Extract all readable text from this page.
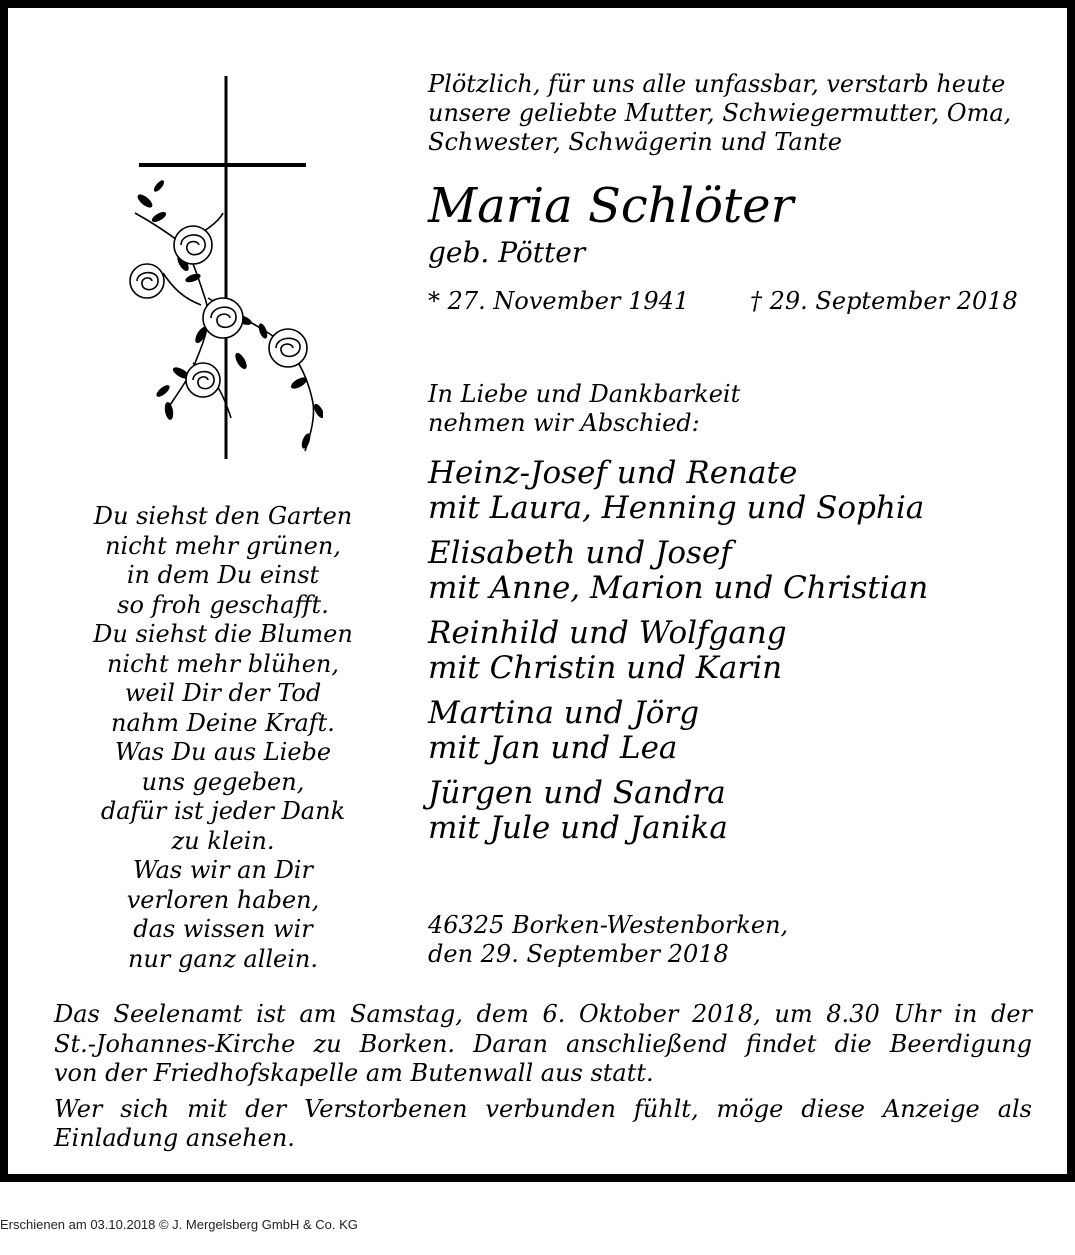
Plötzlich, für uns alle unfassbar, verstarb heute
unsere geliebte Mutter, Schwiegermutter, Oma,
Schwester, Schwägerin und Tante
Maria Schlöter
geb. Pötter
* 27. November 1941	† 29. September 2018
In Liebe und Dankbarkeit
nehmen wir Abschied:
Heinz-Josef und Renate
mit Laura, Henning und Sophia
Elisabeth und Josef
mit Anne, Marion und Christian
Reinhild und Wolfgang
mit Christin und Karin
Martina und Jörg
mit Jan und Lea
Jürgen und Sandra
mit Jule und Janika
46325 Borken-Westenborken,
den 29. September 2018
Du siehst den Garten
nicht mehr grünen,
in dem Du einst
so froh geschafft.
Du siehst die Blumen
nicht mehr blühen,
weil Dir der Tod
nahm Deine Kraft.
Was Du aus Liebe
uns gegeben,
dafür ist jeder Dank
zu klein.
Was wir an Dir
verloren haben,
das wissen wir
nur ganz allein.

Das Seelenamt ist am Samstag, dem 6. Oktober 2018, um 8.30 Uhr in der
St.-Johannes-Kirche zu Borken. Daran anschließend findet die Beerdigung
von der Friedhofskapelle am Butenwall aus statt.

Wer sich mit der Verstorbenen verbunden fühlt, möge diese Anzeige als
Einladung ansehen.

Erschienen am 03.10.2018 © J. Mergelsberg GmbH & Co. KG
